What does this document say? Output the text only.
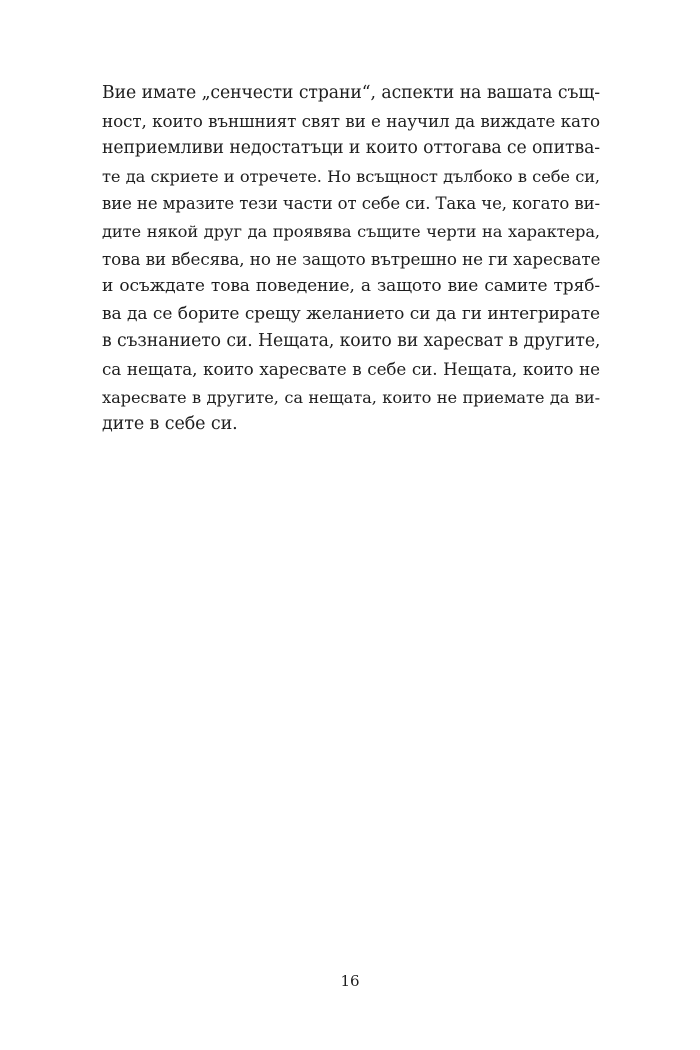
Вие имате „сенчести страни“, аспекти на вашата същ-
ност, които външният свят ви е научил да виждате като
неприемливи недостатъци и които оттогава се опитва-
те да скриете и отречете. Но всъщност дълбоко в себе си,
вие не мразите тези части от себе си. Така че, когато ви-
дите някой друг да проявява същите черти на характера,
това ви вбесява, но не защото вътрешно не ги харесвате
и осъждате това поведение, а защото вие самите тряб-
ва да се борите срещу желанието си да ги интегрирате
в съзнанието си. Нещата, които ви харесват в другите,
са нещата, които харесвате в себе си. Нещата, които не
харесвате в другите, са нещата, които не приемате да ви-
дите в себе си.
16
